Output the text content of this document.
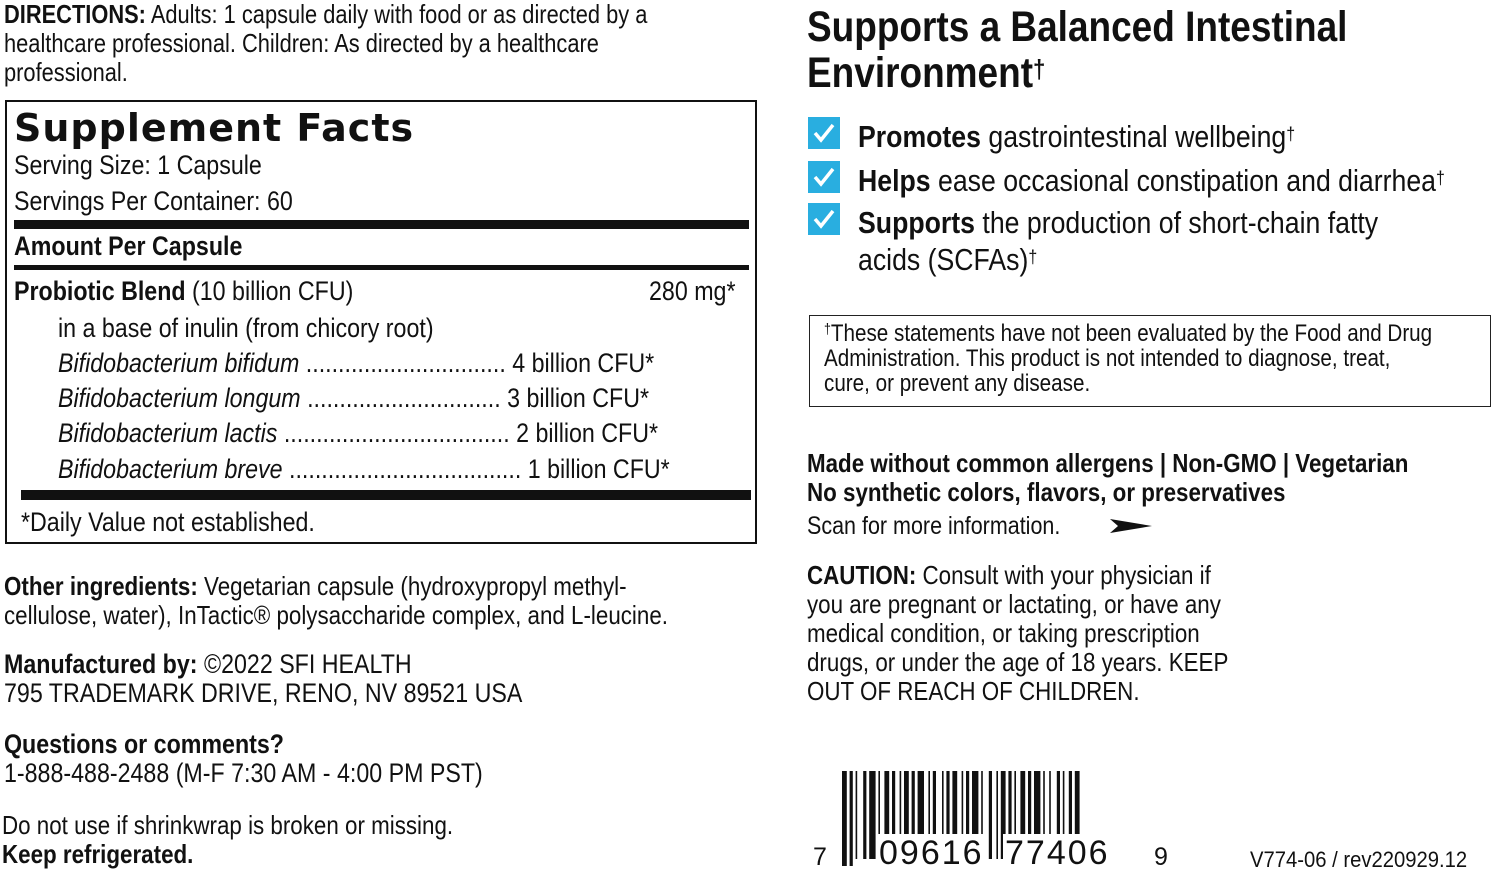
DIRECTIONS: Adults: 1 capsule daily with food or as directed by a
healthcare professional. Children: As directed by a healthcare
professional.
Supplement Facts
Serving Size: 1 Capsule
Servings Per Container: 60
Amount Per Capsule
Probiotic Blend (10 billion CFU)	280 mg*
in a base of inulin (from chicory root)
Bifidobacterium bifidum ............................... 4 billion CFU*
Bifidobacterium longum .............................. 3 billion CFU*
Bifidobacterium lactis ................................... 2 billion CFU*
Bifidobacterium breve .................................... 1 billion CFU*
*Daily Value not established.
Other ingredients: Vegetarian capsule (hydroxypropyl methyl-
cellulose, water), InTactic® polysaccharide complex, and L-leucine.
Manufactured by: ©2022 SFI HEALTH
795 TRADEMARK DRIVE, RENO, NV 89521 USA
Questions or comments?
1-888-488-2488 (M-F 7:30 AM - 4:00 PM PST)
Do not use if shrinkwrap is broken or missing.
Keep refrigerated.
Supports a Balanced Intestinal
Environment†
Promotes gastrointestinal wellbeing†
Helps ease occasional constipation and diarrhea†
Supports the production of short-chain fatty
acids (SCFAs)†
†These statements have not been evaluated by the Food and Drug
Administration. This product is not intended to diagnose, treat,
cure, or prevent any disease.
Made without common allergens | Non-GMO | Vegetarian
No synthetic colors, flavors, or preservatives
Scan for more information.
CAUTION: Consult with your physician if
you are pregnant or lactating, or have any
medical condition, or taking prescription
drugs, or under the age of 18 years. KEEP
OUT OF REACH OF CHILDREN.
7 09616 77406 9	V774-06 / rev220929.12
